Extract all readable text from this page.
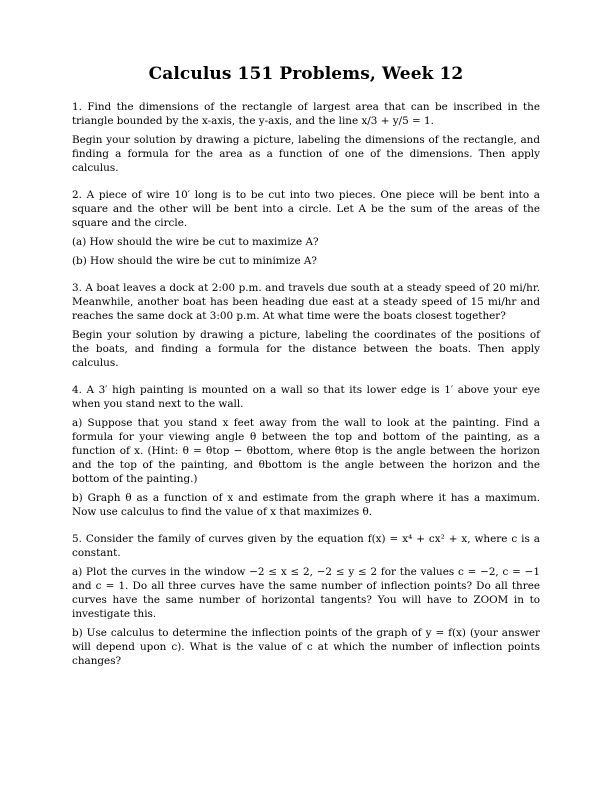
Calculus 151 Problems, Week 12

1. Find the dimensions of the rectangle of largest area that can be inscribed in the triangle bounded by the x-axis, the y-axis, and the line x/3 + y/5 = 1.

Begin your solution by drawing a picture, labeling the dimensions of the rectangle, and finding a formula for the area as a function of one of the dimensions. Then apply calculus.

2. A piece of wire 10′ long is to be cut into two pieces. One piece will be bent into a square and the other will be bent into a circle. Let A be the sum of the areas of the square and the circle.

(a) How should the wire be cut to maximize A?

(b) How should the wire be cut to minimize A?

3. A boat leaves a dock at 2:00 p.m. and travels due south at a steady speed of 20 mi/hr. Meanwhile, another boat has been heading due east at a steady speed of 15 mi/hr and reaches the same dock at 3:00 p.m. At what time were the boats closest together?

Begin your solution by drawing a picture, labeling the coordinates of the positions of the boats, and finding a formula for the distance between the boats. Then apply calculus.

4. A 3′ high painting is mounted on a wall so that its lower edge is 1′ above your eye when you stand next to the wall.

a) Suppose that you stand x feet away from the wall to look at the painting. Find a formula for your viewing angle θ between the top and bottom of the painting, as a function of x. (Hint: θ = θtop − θbottom, where θtop is the angle between the horizon and the top of the painting, and θbottom is the angle between the horizon and the bottom of the painting.)

b) Graph θ as a function of x and estimate from the graph where it has a maximum. Now use calculus to find the value of x that maximizes θ.

5. Consider the family of curves given by the equation f(x) = x⁴ + cx² + x, where c is a constant.

a) Plot the curves in the window −2 ≤ x ≤ 2, −2 ≤ y ≤ 2 for the values c = −2, c = −1 and c = 1. Do all three curves have the same number of inflection points? Do all three curves have the same number of horizontal tangents? You will have to ZOOM in to investigate this.

b) Use calculus to determine the inflection points of the graph of y = f(x) (your answer will depend upon c). What is the value of c at which the number of inflection points changes?
